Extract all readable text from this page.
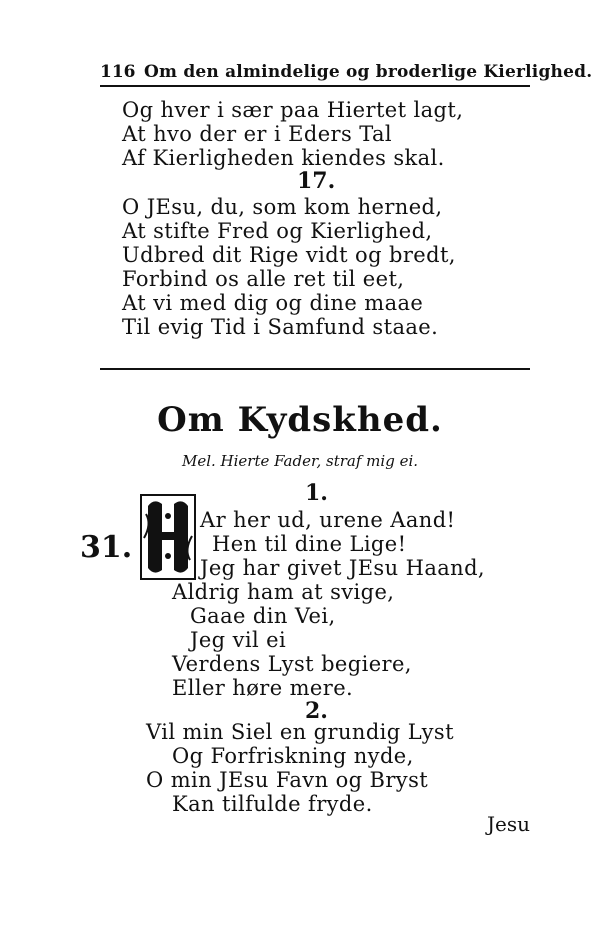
116 Om den almindelige og broderlige Kierlighed.
Og hver i sær paa Hiertet lagt,
At hvo der er i Eders Tal
Af Kierligheden kiendes skal.
17.
O JEsu, du, som kom herned,
At stifte Fred og Kierlighed,
Udbred dit Rige vidt og bredt,
Forbind os alle ret til eet,
At vi med dig og dine maae
Til evig Tid i Samfund staae.
Om Kydskhed.
Mel. Hierte Fader, straf mig ei.
1.
31.
Ar her ud, urene Aand!
Hen til dine Lige!
Jeg har givet JEsu Haand,
Aldrig ham at svige,
Gaae din Vei,
Jeg vil ei
Verdens Lyst begiere,
Eller høre mere.
2.
Vil min Siel en grundig Lyst
Og Forfriskning nyde,
O min JEsu Favn og Bryst
Kan tilfulde fryde.
Jesu
